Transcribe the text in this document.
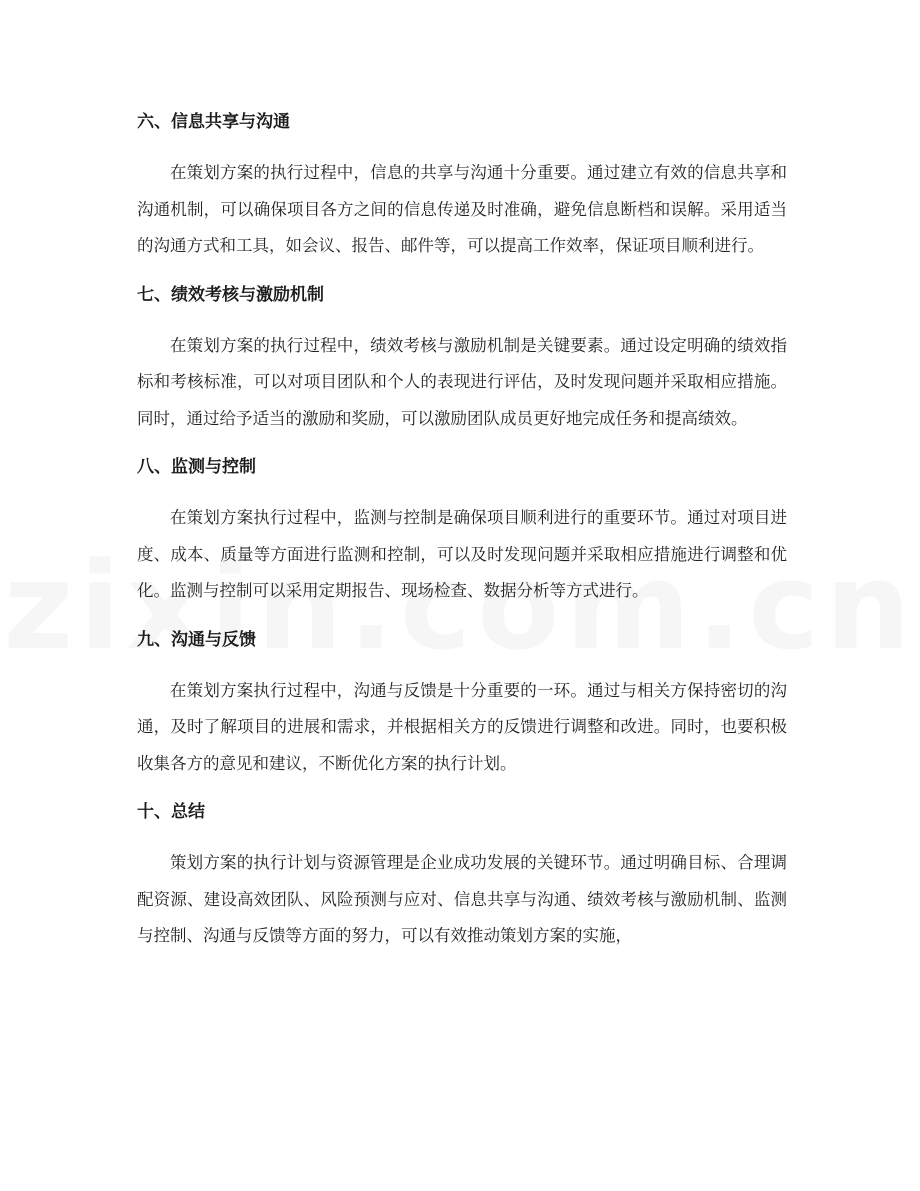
六、信息共享与沟通

在策划方案的执行过程中，信息的共享与沟通十分重要。通过建立有效的信息共享和沟通机制，可以确保项目各方之间的信息传递及时准确，避免信息断档和误解。采用适当的沟通方式和工具，如会议、报告、邮件等，可以提高工作效率，保证项目顺利进行。

七、绩效考核与激励机制

在策划方案的执行过程中，绩效考核与激励机制是关键要素。通过设定明确的绩效指标和考核标准，可以对项目团队和个人的表现进行评估，及时发现问题并采取相应措施。同时，通过给予适当的激励和奖励，可以激励团队成员更好地完成任务和提高绩效。

八、监测与控制

在策划方案执行过程中，监测与控制是确保项目顺利进行的重要环节。通过对项目进度、成本、质量等方面进行监测和控制，可以及时发现问题并采取相应措施进行调整和优化。监测与控制可以采用定期报告、现场检查、数据分析等方式进行。

九、沟通与反馈

在策划方案执行过程中，沟通与反馈是十分重要的一环。通过与相关方保持密切的沟通，及时了解项目的进展和需求，并根据相关方的反馈进行调整和改进。同时，也要积极收集各方的意见和建议，不断优化方案的执行计划。

十、总结

策划方案的执行计划与资源管理是企业成功发展的关键环节。通过明确目标、合理调配资源、建设高效团队、风险预测与应对、信息共享与沟通、绩效考核与激励机制、监测与控制、沟通与反馈等方面的努力，可以有效推动策划方案的实施，
